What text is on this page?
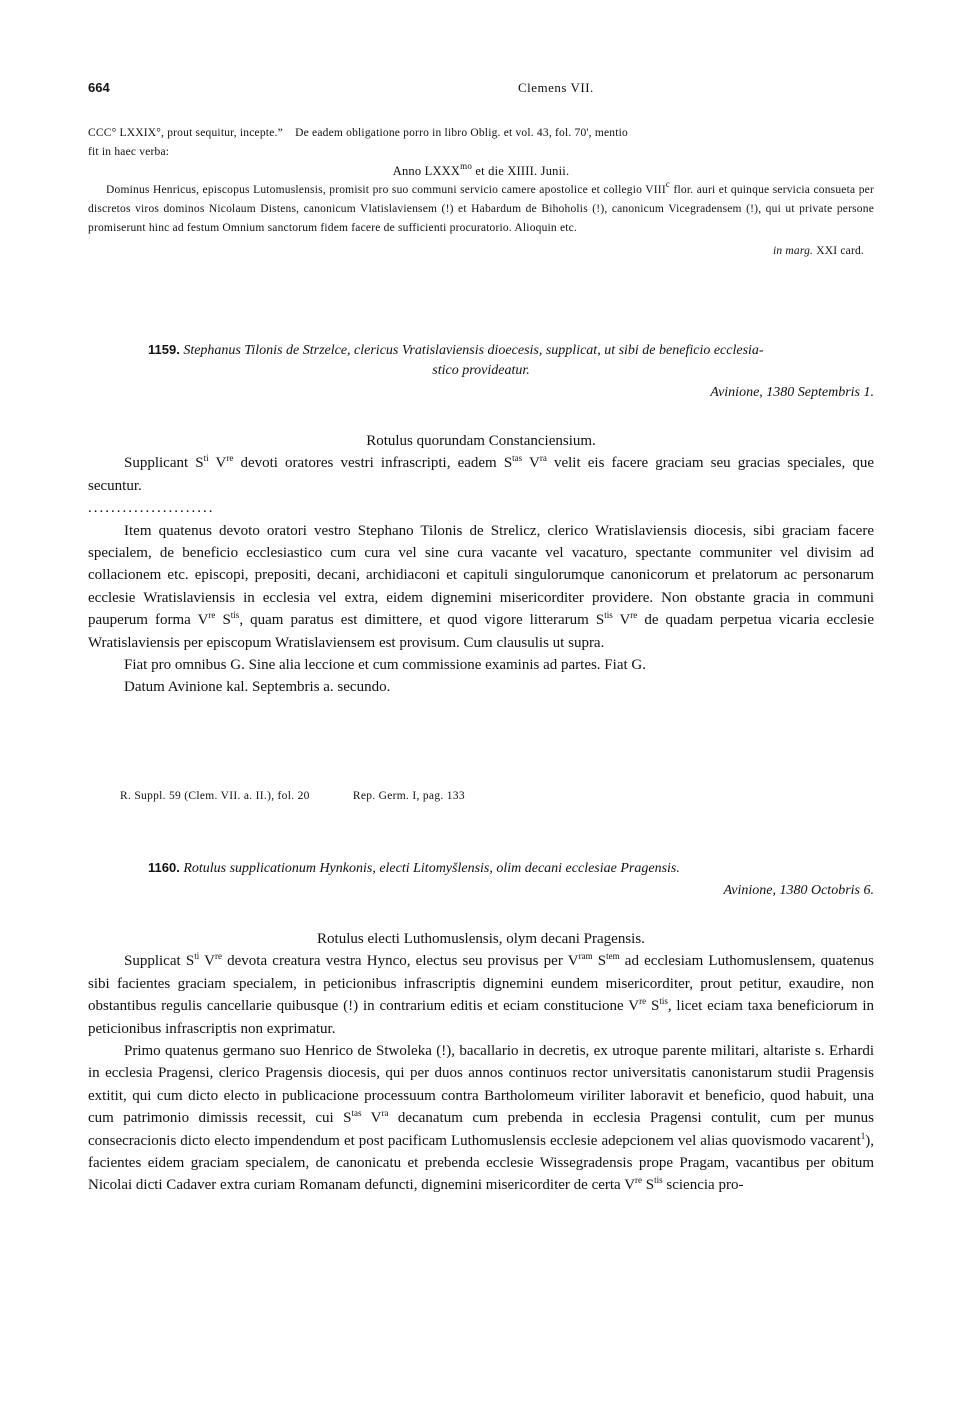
664	Clemens VII.

CCC° LXXIX°, prout sequitur, incepte.”    De eadem obligatione porro in libro Oblig. et vol. 43, fol. 70', mentio

fit in haec verba:

Anno $LXXX^{mo}$ et die XIIII. Junii.

Dominus Henricus, episcopus Lutomuslensis, promisit pro suo communi servicio camere apostolice et collegio VIII$^c$ flor. auri et quinque servicia consueta per discretos viros dominos Nicolaum Distens, canonicum Vlatislaviensem (!) et Habardum de Bihoholis (!), canonicum Vicegradensem (!), qui ut private persone promiserunt hinc ad festum Omnium sanctorum fidem facere de sufficienti procuratorio. Alioquin etc.

in marg. XXI card.

1159. Stephanus Tilonis de Strzelce, clericus Vratislaviensis dioecesis, supplicat, ut sibi de beneficio ecclesia-

stico provideatur.

Avinione, 1380 Septembris 1.

Rotulus quorundam Constanciensium.

Supplicant $S^{ti}$ Vre devoti oratores vestri infrascripti, eadem $S^{tas}$ $V^{ra}$ velit eis facere graciam seu gracias speciales, que secuntur.

......................

Item quatenus devoto oratori vestro Stephano Tilonis de Strelicz, clerico Wratislaviensis diocesis, sibi graciam facere specialem, de beneficio ecclesiastico cum cura vel sine cura vacante vel vacaturo, spectante communiter vel divisim ad collacionem etc. episcopi, prepositi, decani, archidiaconi et capituli singulorumque canonicorum et prelatorum ac personarum ecclesie Wratislaviensis in ecclesia vel extra, eidem dignemini misericorditer providere. Non obstante gracia in communi pauperum forma Vre $S^{tis}$, quam paratus est dimittere, et quod vigore litterarum $S^{tis}$ Vre de quadam perpetua vicaria ecclesie Wratislaviensis per episcopum Wratislaviensem est provisum. Cum clausulis ut supra.

Fiat pro omnibus G. Sine alia leccione et cum commissione examinis ad partes. Fiat G.

Datum Avinione kal. Septembris a. secundo.

R. Suppl. 59 (Clem. VII. a. II.), fol. 20	Rep. Germ. I, pag. 133

1160. Rotulus supplicationum Hynkonis, electi Litomyšlensis, olim decani ecclesiae Pragensis.

Avinione, 1380 Octobris 6.

Rotulus electi Luthomuslensis, olym decani Pragensis.

Supplicat $S^{ti}$ Vre devota creatura vestra Hynco, electus seu provisus per $V^{ram}$ $S^{tem}$ ad ecclesiam Luthomuslensem, quatenus sibi facientes graciam specialem, in peticionibus infrascriptis dignemini eundem misericorditer, prout petitur, exaudire, non obstantibus regulis cancellarie quibusque (!) in contrarium editis et eciam constitucione Vre $S^{tis}$, licet eciam taxa beneficiorum in peticionibus infrascriptis non exprimatur.

Primo quatenus germano suo Henrico de Stwoleka (!), bacallario in decretis, ex utroque parente militari, altariste s. Erhardi in ecclesia Pragensi, clerico Pragensis diocesis, qui per duos annos continuos rector universitatis canonistarum studii Pragensis extitit, qui cum dicto electo in publicacione processuum contra Bartholomeum viriliter laboravit et beneficio, quod habuit, una cum patrimonio dimissis recessit, cui $S^{tas}$ $V^{ra}$ decanatum cum prebenda in ecclesia Pragensi contulit, cum per munus consecracionis dicto electo impendendum et post pacificam Luthomuslensis ecclesie adepcionem vel alias quovismodo vacarent$^1$), facientes eidem graciam specialem, de canonicatu et prebenda ecclesie Wissegradensis prope Pragam, vacantibus per obitum Nicolai dicti Cadaver extra curiam Romanam defuncti, dignemini misericorditer de certa Vre $S^{tis}$ sciencia pro-
